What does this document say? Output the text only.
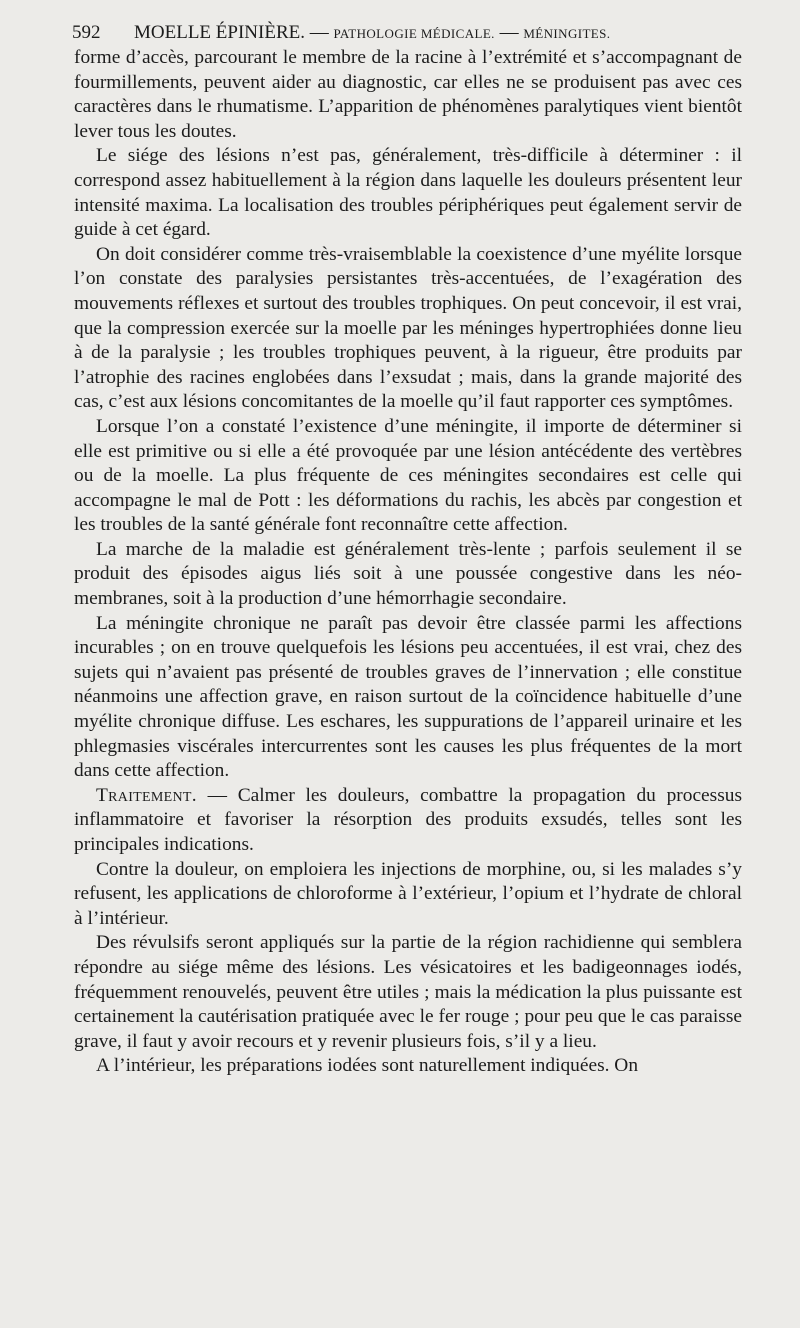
592 MOELLE ÉPINIÈRE. — PATHOLOGIE MÉDICALE. — MÉNINGITES.

forme d’accès, parcourant le membre de la racine à l’extrémité et s’accompagnant de fourmillements, peuvent aider au diagnostic, car elles ne se produisent pas avec ces caractères dans le rhumatisme. L’apparition de phénomènes paralytiques vient bientôt lever tous les doutes.

Le siége des lésions n’est pas, généralement, très-difficile à déterminer : il correspond assez habituellement à la région dans laquelle les douleurs présentent leur intensité maxima. La localisation des troubles périphériques peut également servir de guide à cet égard.

On doit considérer comme très-vraisemblable la coexistence d’une myélite lorsque l’on constate des paralysies persistantes très-accentuées, de l’exagération des mouvements réflexes et surtout des troubles trophiques. On peut concevoir, il est vrai, que la compression exercée sur la moelle par les méninges hypertrophiées donne lieu à de la paralysie ; les troubles trophiques peuvent, à la rigueur, être produits par l’atrophie des racines englobées dans l’exsudat ; mais, dans la grande majorité des cas, c’est aux lésions concomitantes de la moelle qu’il faut rapporter ces symptômes.

Lorsque l’on a constaté l’existence d’une méningite, il importe de déterminer si elle est primitive ou si elle a été provoquée par une lésion antécédente des vertèbres ou de la moelle. La plus fréquente de ces méningites secondaires est celle qui accompagne le mal de Pott : les déformations du rachis, les abcès par congestion et les troubles de la santé générale font reconnaître cette affection.

La marche de la maladie est généralement très-lente ; parfois seulement il se produit des épisodes aigus liés soit à une poussée congestive dans les néo-membranes, soit à la production d’une hémorrhagie secondaire.

La méningite chronique ne paraît pas devoir être classée parmi les affections incurables ; on en trouve quelquefois les lésions peu accentuées, il est vrai, chez des sujets qui n’avaient pas présenté de troubles graves de l’innervation ; elle constitue néanmoins une affection grave, en raison surtout de la coïncidence habituelle d’une myélite chronique diffuse. Les eschares, les suppurations de l’appareil urinaire et les phlegmasies viscérales intercurrentes sont les causes les plus fréquentes de la mort dans cette affection.

Traitement. — Calmer les douleurs, combattre la propagation du processus inflammatoire et favoriser la résorption des produits exsudés, telles sont les principales indications.

Contre la douleur, on emploiera les injections de morphine, ou, si les malades s’y refusent, les applications de chloroforme à l’extérieur, l’opium et l’hydrate de chloral à l’intérieur.

Des révulsifs seront appliqués sur la partie de la région rachidienne qui semblera répondre au siége même des lésions. Les vésicatoires et les badigeonnages iodés, fréquemment renouvelés, peuvent être utiles ; mais la médication la plus puissante est certainement la cautérisation pratiquée avec le fer rouge ; pour peu que le cas paraisse grave, il faut y avoir recours et y revenir plusieurs fois, s’il y a lieu.

A l’intérieur, les préparations iodées sont naturellement indiquées. On
